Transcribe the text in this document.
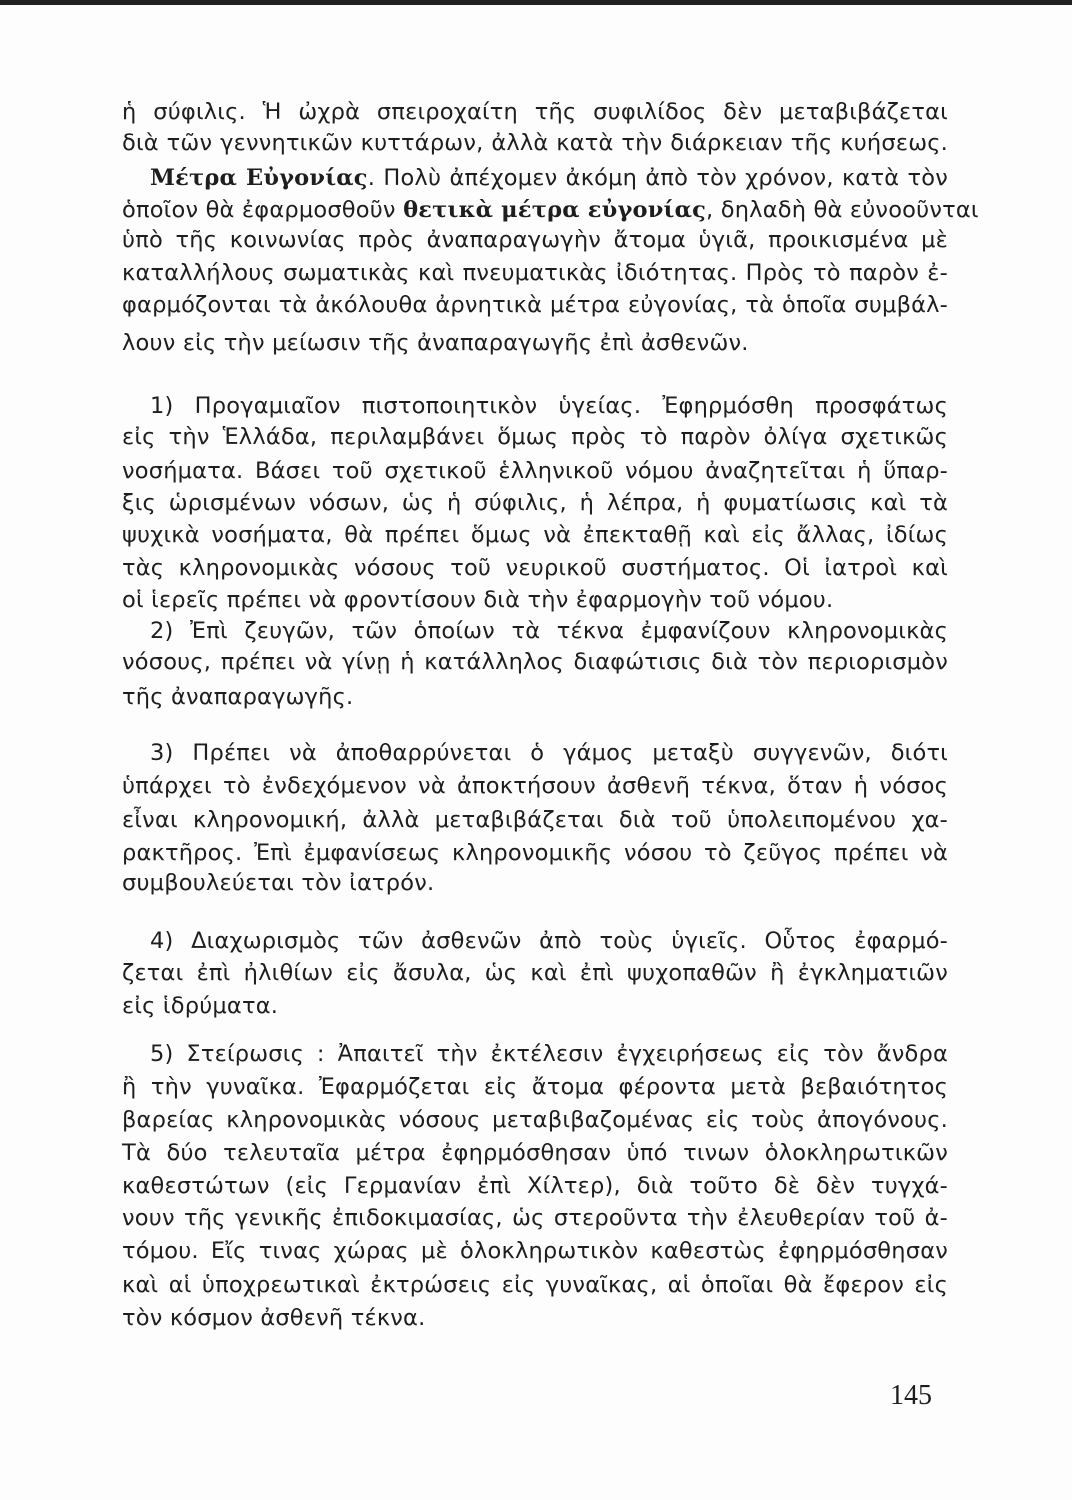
ἡ σύφιλις. Ἡ ὠχρὰ σπειροχαίτη τῆς συφιλίδος δὲν μεταβιβάζεται
διὰ τῶν γεννητικῶν κυττάρων, ἀλλὰ κατὰ τὴν διάρκειαν τῆς κυήσεως.
Μέτρα Εὐγονίας. Πολὺ ἀπέχομεν ἀκόμη ἀπὸ τὸν χρόνον, κατὰ τὸν
ὁποῖον θὰ ἐφαρμοσθοῦν θετικὰ μέτρα εὐγονίας, δηλαδὴ θὰ εὐνοοῦνται
ὑπὸ τῆς κοινωνίας πρὸς ἀναπαραγωγὴν ἄτομα ὑγιᾶ, προικισμένα μὲ
καταλλήλους σωματικὰς καὶ πνευματικὰς ἰδιότητας. Πρὸς τὸ παρὸν ἐ-
φαρμόζονται τὰ ἀκόλουθα ἀρνητικὰ μέτρα εὐγονίας, τὰ ὁποῖα συμβάλ-
λουν εἰς τὴν μείωσιν τῆς ἀναπαραγωγῆς ἐπὶ ἀσθενῶν.
1) Προγαμιαῖον πιστοποιητικὸν ὑγείας. Ἐφηρμόσθη προσφάτως
εἰς τὴν Ἑλλάδα, περιλαμβάνει ὅμως πρὸς τὸ παρὸν ὀλίγα σχετικῶς
νοσήματα. Βάσει τοῦ σχετικοῦ ἑλληνικοῦ νόμου ἀναζητεῖται ἡ ὕπαρ-
ξις ὡρισμένων νόσων, ὡς ἡ σύφιλις, ἡ λέπρα, ἡ φυματίωσις καὶ τὰ
ψυχικὰ νοσήματα, θὰ πρέπει ὅμως νὰ ἐπεκταθῇ καὶ εἰς ἄλλας, ἰδίως
τὰς κληρονομικὰς νόσους τοῦ νευρικοῦ συστήματος. Οἱ ἰατροὶ καὶ
οἱ ἱερεῖς πρέπει νὰ φροντίσουν διὰ τὴν ἐφαρμογὴν τοῦ νόμου.
2) Ἐπὶ ζευγῶν, τῶν ὁποίων τὰ τέκνα ἐμφανίζουν κληρονομικὰς
νόσους, πρέπει νὰ γίνῃ ἡ κατάλληλος διαφώτισις διὰ τὸν περιορισμὸν
τῆς ἀναπαραγωγῆς.
3) Πρέπει νὰ ἀποθαρρύνεται ὁ γάμος μεταξὺ συγγενῶν, διότι
ὑπάρχει τὸ ἐνδεχόμενον νὰ ἀποκτήσουν ἀσθενῆ τέκνα, ὅταν ἡ νόσος
εἶναι κληρονομική, ἀλλὰ μεταβιβάζεται διὰ τοῦ ὑπολειπομένου χα-
ρακτῆρος. Ἐπὶ ἐμφανίσεως κληρονομικῆς νόσου τὸ ζεῦγος πρέπει νὰ
συμβουλεύεται τὸν ἰατρόν.
4) Διαχωρισμὸς τῶν ἀσθενῶν ἀπὸ τοὺς ὑγιεῖς. Οὗτος ἐφαρμό-
ζεται ἐπὶ ἠλιθίων εἰς ἄσυλα, ὡς καὶ ἐπὶ ψυχοπαθῶν ἢ ἐγκληματιῶν
εἰς ἱδρύματα.
5) Στείρωσις : Ἀπαιτεῖ τὴν ἐκτέλεσιν ἐγχειρήσεως εἰς τὸν ἄνδρα
ἢ τὴν γυναῖκα. Ἐφαρμόζεται εἰς ἄτομα φέροντα μετὰ βεβαιότητος
βαρείας κληρονομικὰς νόσους μεταβιβαζομένας εἰς τοὺς ἀπογόνους.
Τὰ δύο τελευταῖα μέτρα ἐφηρμόσθησαν ὑπό τινων ὁλοκληρωτικῶν
καθεστώτων (εἰς Γερμανίαν ἐπὶ Χίλτερ), διὰ τοῦτο δὲ δὲν τυγχά-
νουν τῆς γενικῆς ἐπιδοκιμασίας, ὡς στεροῦντα τὴν ἐλευθερίαν τοῦ ἀ-
τόμου. Εἴς τινας χώρας μὲ ὁλοκληρωτικὸν καθεστὼς ἐφηρμόσθησαν
καὶ αἱ ὑποχρεωτικαὶ ἐκτρώσεις εἰς γυναῖκας, αἱ ὁποῖαι θὰ ἔφερον εἰς
τὸν κόσμον ἀσθενῆ τέκνα.
145
